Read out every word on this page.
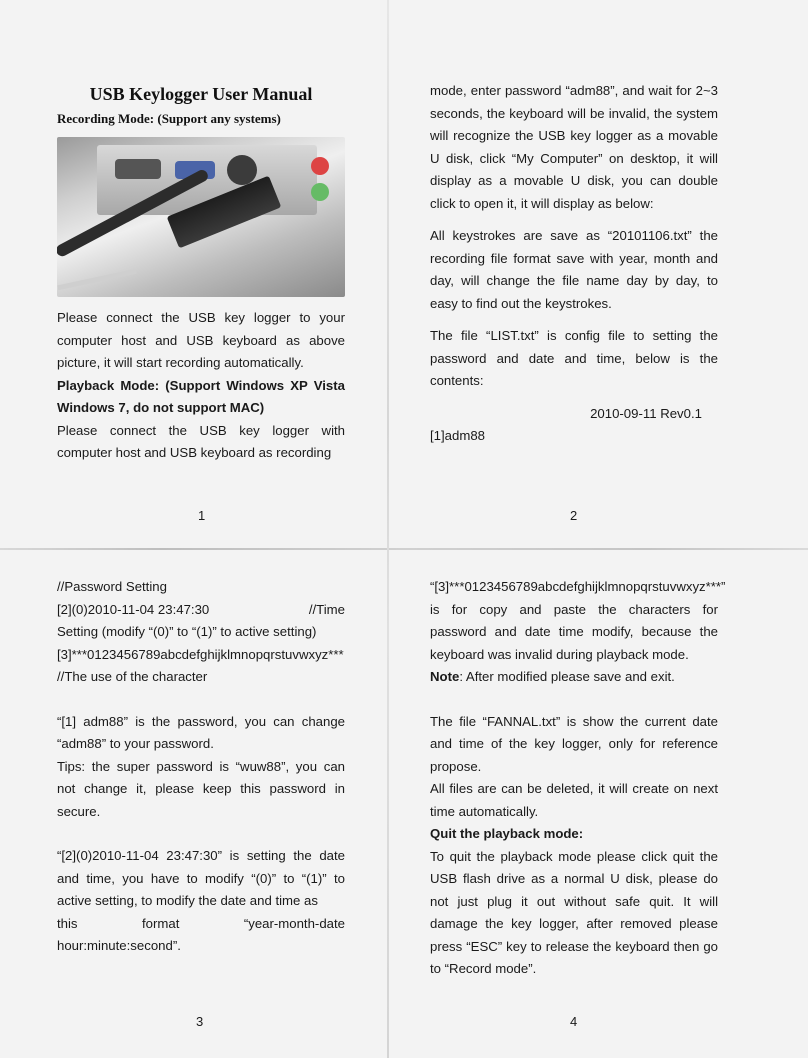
USB Keylogger User Manual
Recording Mode: (Support any systems)

Please connect the USB key logger to your computer host and USB keyboard as above picture, it will start recording automatically.

Playback Mode: (Support Windows XP Vista Windows 7, do not support MAC)

Please connect the USB key logger with computer host and USB keyboard as recording

1

mode, enter password “adm88”, and wait for 2~3 seconds, the keyboard will be invalid, the system will recognize the USB key logger as a movable U disk, click “My Computer” on desktop, it will display as a movable U disk, you can double click to open it, it will display as below:

All keystrokes are save as “20101106.txt” the recording file format save with year, month and day, will change the file name day by day, to easy to find out the keystrokes.

The file “LIST.txt” is config file to setting the password and date and time, below is the contents:

2010-09-11 Rev0.1

[1]adm88

2

//Password Setting

[2](0)2010-11-04 23:47:30	//Time

Setting (modify “(0)” to “(1)” to active setting)

[3]***0123456789abcdefghijklmnopqrstuvwxyz*** //The use of the character

“[1] adm88” is the password, you can change “adm88” to your password.

Tips: the super password is “wuw88”, you can not change it, please keep this password in secure.

“[2](0)2010-11-04 23:47:30” is setting the date and time, you have to modify “(0)” to “(1)” to active setting, to modify the date and time as

this	format	“year-month-date

hour:minute:second”.

3

“[3]***0123456789abcdefghijklmnopqrstuvwxyz***” is for copy and paste the characters for password and date time modify, because the keyboard was invalid during playback mode.

Note: After modified please save and exit.

The file “FANNAL.txt” is show the current date and time of the key logger, only for reference propose.

All files are can be deleted, it will create on next time automatically.

Quit the playback mode:

To quit the playback mode please click quit the USB flash drive as a normal U disk, please do not just plug it out without safe quit. It will damage the key logger, after removed please press “ESC” key to release the keyboard then go to “Record mode”.

4
